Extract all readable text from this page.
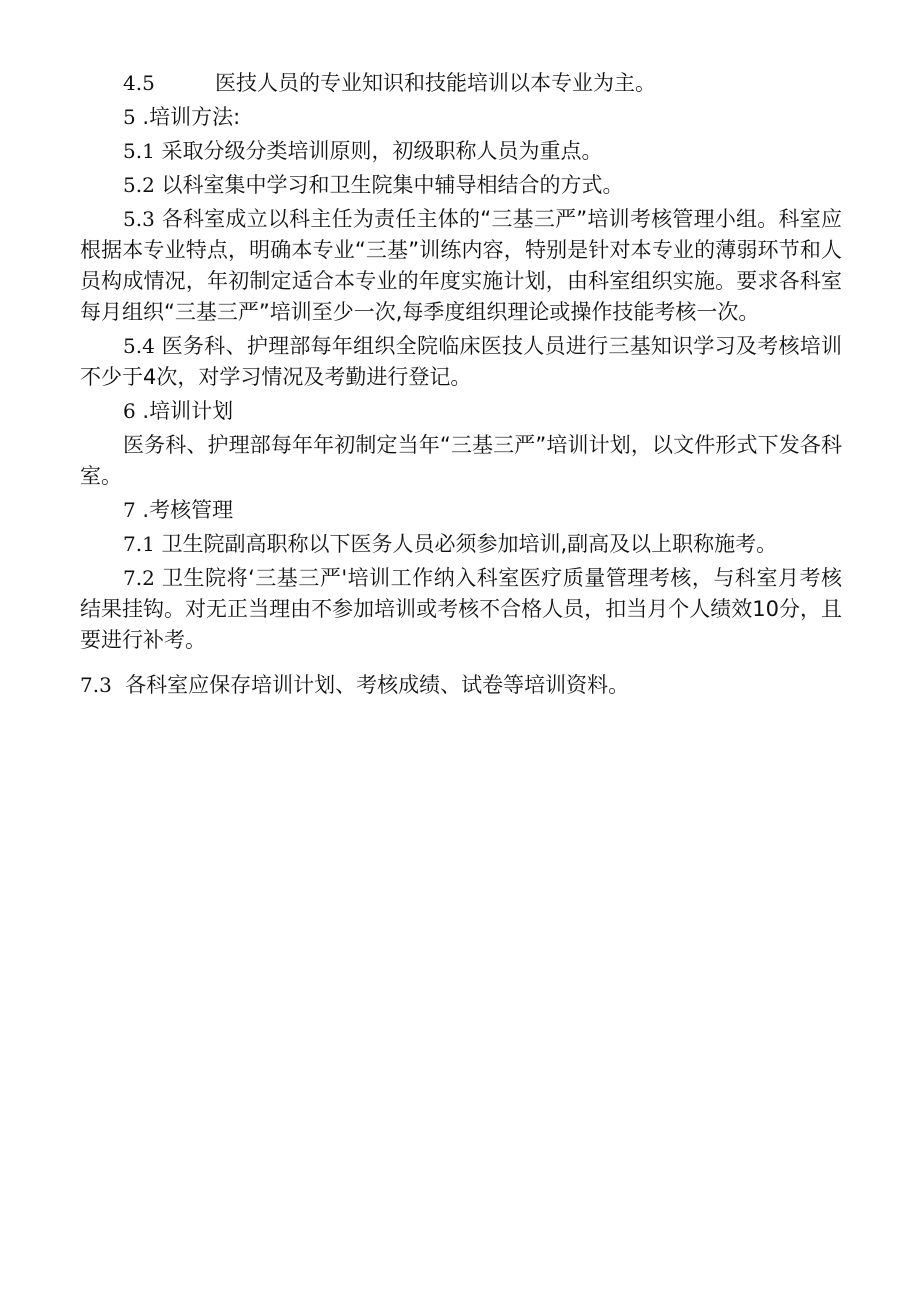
4.5	医技人员的专业知识和技能培训以本专业为主。

5 .培训方法:

5.1 采取分级分类培训原则，初级职称人员为重点。

5.2 以科室集中学习和卫生院集中辅导相结合的方式。

5.3 各科室成立以科主任为责任主体的“三基三严”培训考核管理小组。科室应根据本专业特点，明确本专业“三基”训练内容，特别是针对本专业的薄弱环节和人员构成情况，年初制定适合本专业的年度实施计划，由科室组织实施。要求各科室每月组织“三基三严”培训至少一次,每季度组织理论或操作技能考核一次。

5.4 医务科、护理部每年组织全院临床医技人员进行三基知识学习及考核培训不少于4次，对学习情况及考勤进行登记。

6 .培训计划

医务科、护理部每年年初制定当年“三基三严”培训计划，以文件形式下发各科室。

7 .考核管理

7.1 卫生院副高职称以下医务人员必须参加培训,副高及以上职称施考。

7.2 卫生院将‘三基三严'培训工作纳入科室医疗质量管理考核，与科室月考核结果挂钩。对无正当理由不参加培训或考核不合格人员，扣当月个人绩效10分，且要进行补考。

7.3 各科室应保存培训计划、考核成绩、试卷等培训资料。
